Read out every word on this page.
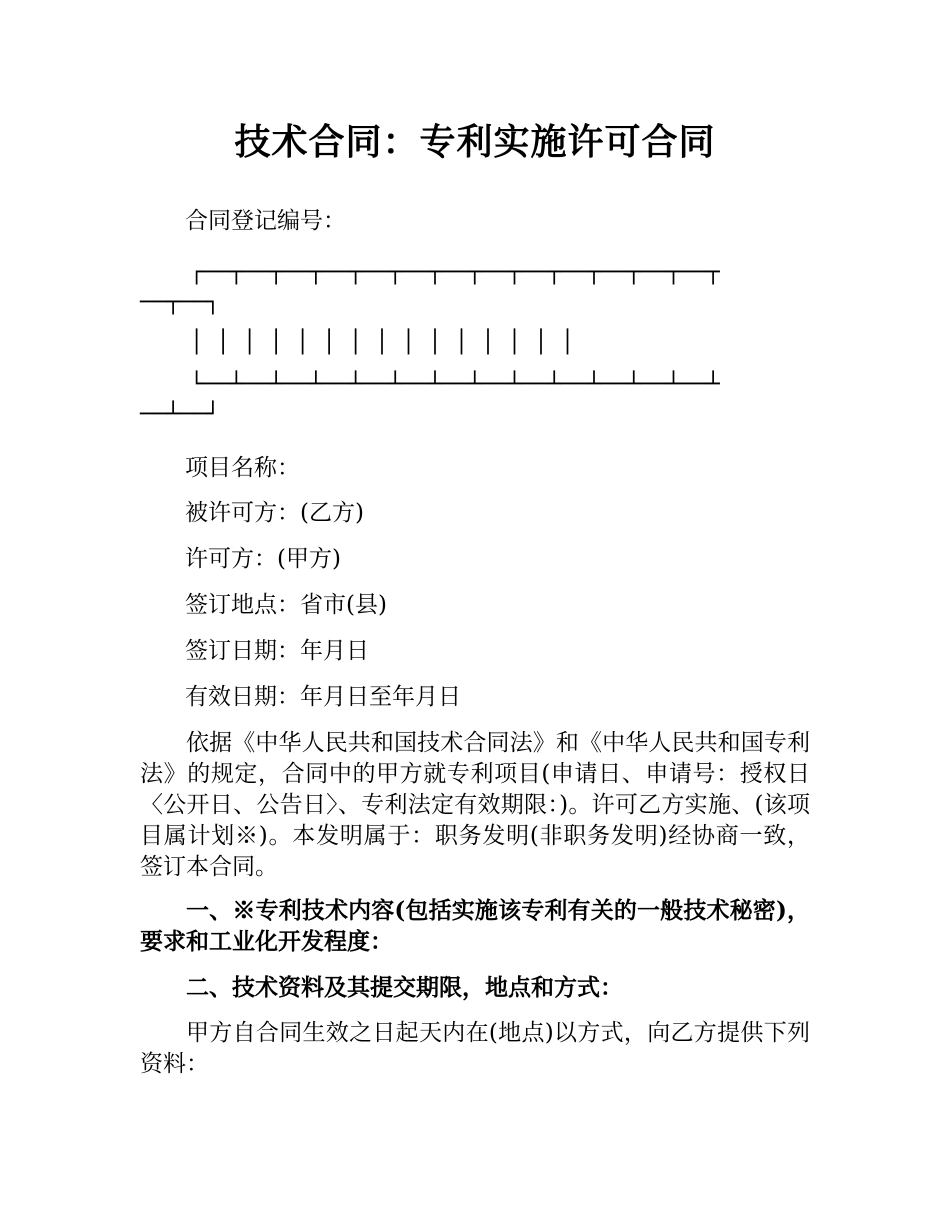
技术合同：专利实施许可合同
合同登记编号：
┌──┬──┬──┬──┬──┬──┬──┬──┬──┬──┬──┬──┬──┬
──┬──┐
│ │ │ │ │ │ │ │ │ │ │ │ │ │ │
└──┴──┴──┴──┴──┴──┴──┴──┴──┴──┴──┴──┴──┴
──┴──┘
项目名称：
被许可方：(乙方)
许可方：(甲方)
签订地点：省市(县)
签订日期：年月日
有效日期：年月日至年月日
依据《中华人民共和国技术合同法》和《中华人民共和国专利法》的规定，合同中的甲方就专利项目(申请日、申请号：授权日〈公开日、公告日〉、专利法定有效期限：)。许可乙方实施、(该项目属计划※)。本发明属于：职务发明(非职务发明)经协商一致，签订本合同。
一、※专利技术内容(包括实施该专利有关的一般技术秘密)，要求和工业化开发程度：
二、技术资料及其提交期限，地点和方式：
甲方自合同生效之日起天内在(地点)以方式，向乙方提供下列资料：
